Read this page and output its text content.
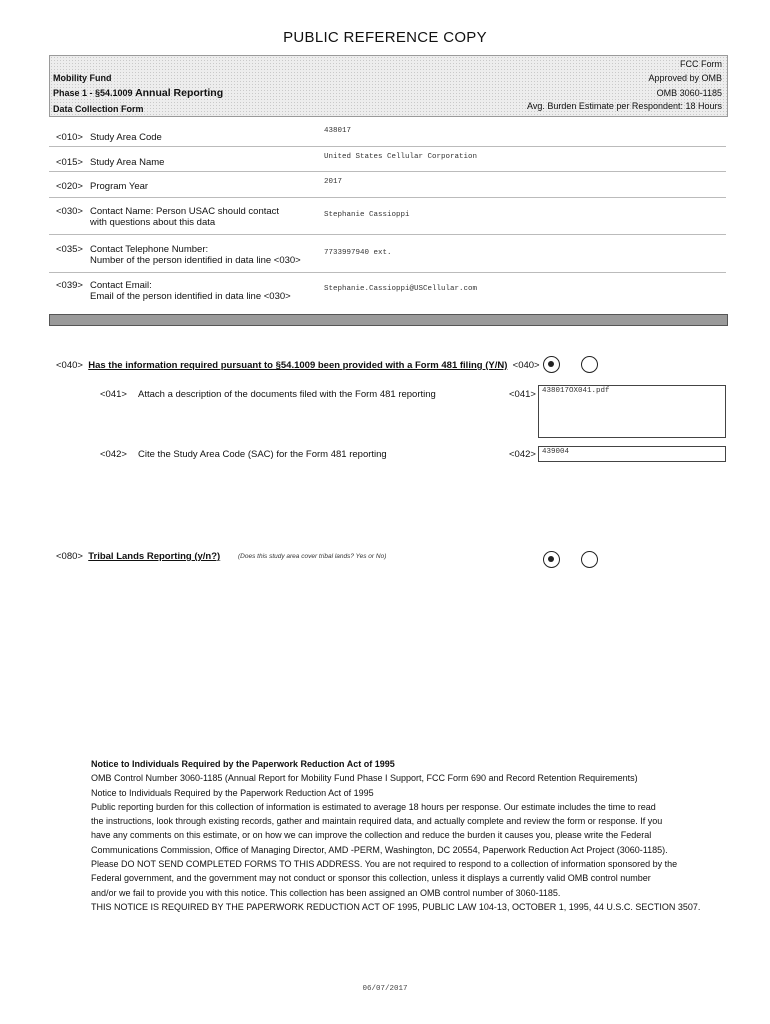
PUBLIC REFERENCE COPY
Mobility Fund
Phase 1 - §54.1009 Annual Reporting
Data Collection Form
FCC Form
Approved by OMB
OMB 3060-1185
Avg. Burden Estimate per Respondent: 18 Hours
<010> Study Area Code
438017
<015> Study Area Name	United States Cellular Corporation
<020> Program Year	2017
<030> Contact Name: Person USAC should contact
with questions about this data
Stephanie Cassioppi
<035> Contact Telephone Number:
Number of the person identified in data line <030>
7733997940 ext.
<039> Contact Email:
Email of the person identified in data line <030>
Stephanie.Cassioppi@USCellular.com
<040> Has the information required pursuant to §54.1009 been provided with a Form 481 filing (Y/N) <040>
<041> Attach a description of the documents filed with the Form 481 reporting	<041> 438017OX041.pdf
<042> Cite the Study Area Code (SAC) for the Form 481 reporting	<042> 439004
<080> Tribal Lands Reporting (y/n?)	(Does this study area cover tribal lands? Yes or No)
Notice to Individuals Required by the Paperwork Reduction Act of 1995
OMB Control Number 3060-1185 (Annual Report for Mobility Fund Phase I Support, FCC Form 690 and Record Retention Requirements)
Notice to Individuals Required by the Paperwork Reduction Act of 1995
Public reporting burden for this collection of information is estimated to average 18 hours per response. Our estimate includes the time to read
the instructions, look through existing records, gather and maintain required data, and actually complete and review the form or response. If you
have any comments on this estimate, or on how we can improve the collection and reduce the burden it causes you, please write the Federal
Communications Commission, Office of Managing Director, AMD -PERM, Washington, DC 20554, Paperwork Reduction Act Project (3060-1185).
Please DO NOT SEND COMPLETED FORMS TO THIS ADDRESS. You are not required to respond to a collection of information sponsored by the
Federal government, and the government may not conduct or sponsor this collection, unless it displays a currently valid OMB control number
and/or we fail to provide you with this notice. This collection has been assigned an OMB control number of 3060-1185.
THIS NOTICE IS REQUIRED BY THE PAPERWORK REDUCTION ACT OF 1995, PUBLIC LAW 104-13, OCTOBER 1, 1995, 44 U.S.C. SECTION 3507.
06/07/2017
